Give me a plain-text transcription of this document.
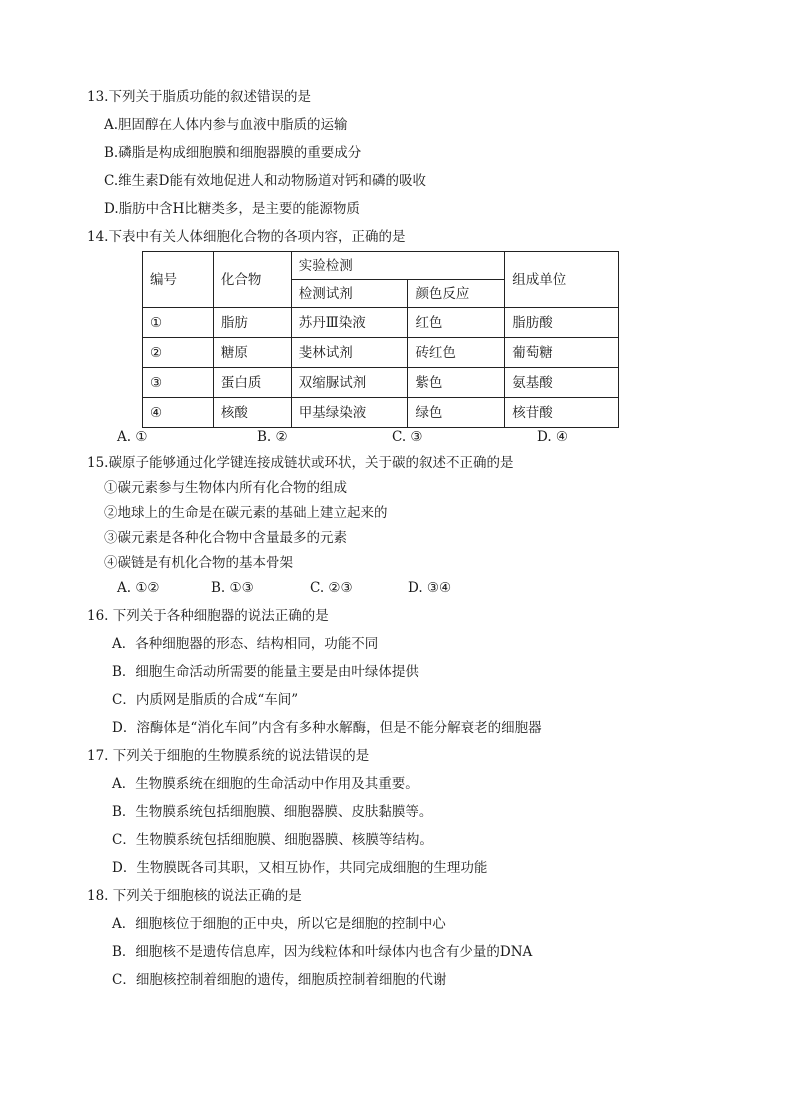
13.下列关于脂质功能的叙述错误的是
A.胆固醇在人体内参与血液中脂质的运输
B.磷脂是构成细胞膜和细胞器膜的重要成分
C.维生素D能有效地促进人和动物肠道对钙和磷的吸收
D.脂肪中含H比糖类多，是主要的能源物质
14.下表中有关人体细胞化合物的各项内容，正确的是
编号	化合物	实验检测		组成单位
		检测试剂	颜色反应	
①	脂肪	苏丹Ⅲ染液	红色	脂肪酸
②	糖原	斐林试剂	砖红色	葡萄糖
③	蛋白质	双缩脲试剂	紫色	氨基酸
④	核酸	甲基绿染液	绿色	核苷酸
A. ①	B. ②	C. ③	D. ④
15.碳原子能够通过化学键连接成链状或环状，关于碳的叙述不正确的是
①碳元素参与生物体内所有化合物的组成
②地球上的生命是在碳元素的基础上建立起来的
③碳元素是各种化合物中含量最多的元素
④碳链是有机化合物的基本骨架
A. ①②	B. ①③	C. ②③	D. ③④
16. 下列关于各种细胞器的说法正确的是
A．各种细胞器的形态、结构相同，功能不同
B．细胞生命活动所需要的能量主要是由叶绿体提供
C．内质网是脂质的合成“车间”
D．溶酶体是“消化车间”内含有多种水解酶，但是不能分解衰老的细胞器
17. 下列关于细胞的生物膜系统的说法错误的是
A．生物膜系统在细胞的生命活动中作用及其重要。
B．生物膜系统包括细胞膜、细胞器膜、皮肤黏膜等。
C．生物膜系统包括细胞膜、细胞器膜、核膜等结构。
D．生物膜既各司其职，又相互协作，共同完成细胞的生理功能
18. 下列关于细胞核的说法正确的是
A．细胞核位于细胞的正中央，所以它是细胞的控制中心
B．细胞核不是遗传信息库，因为线粒体和叶绿体内也含有少量的DNA
C．细胞核控制着细胞的遗传，细胞质控制着细胞的代谢
